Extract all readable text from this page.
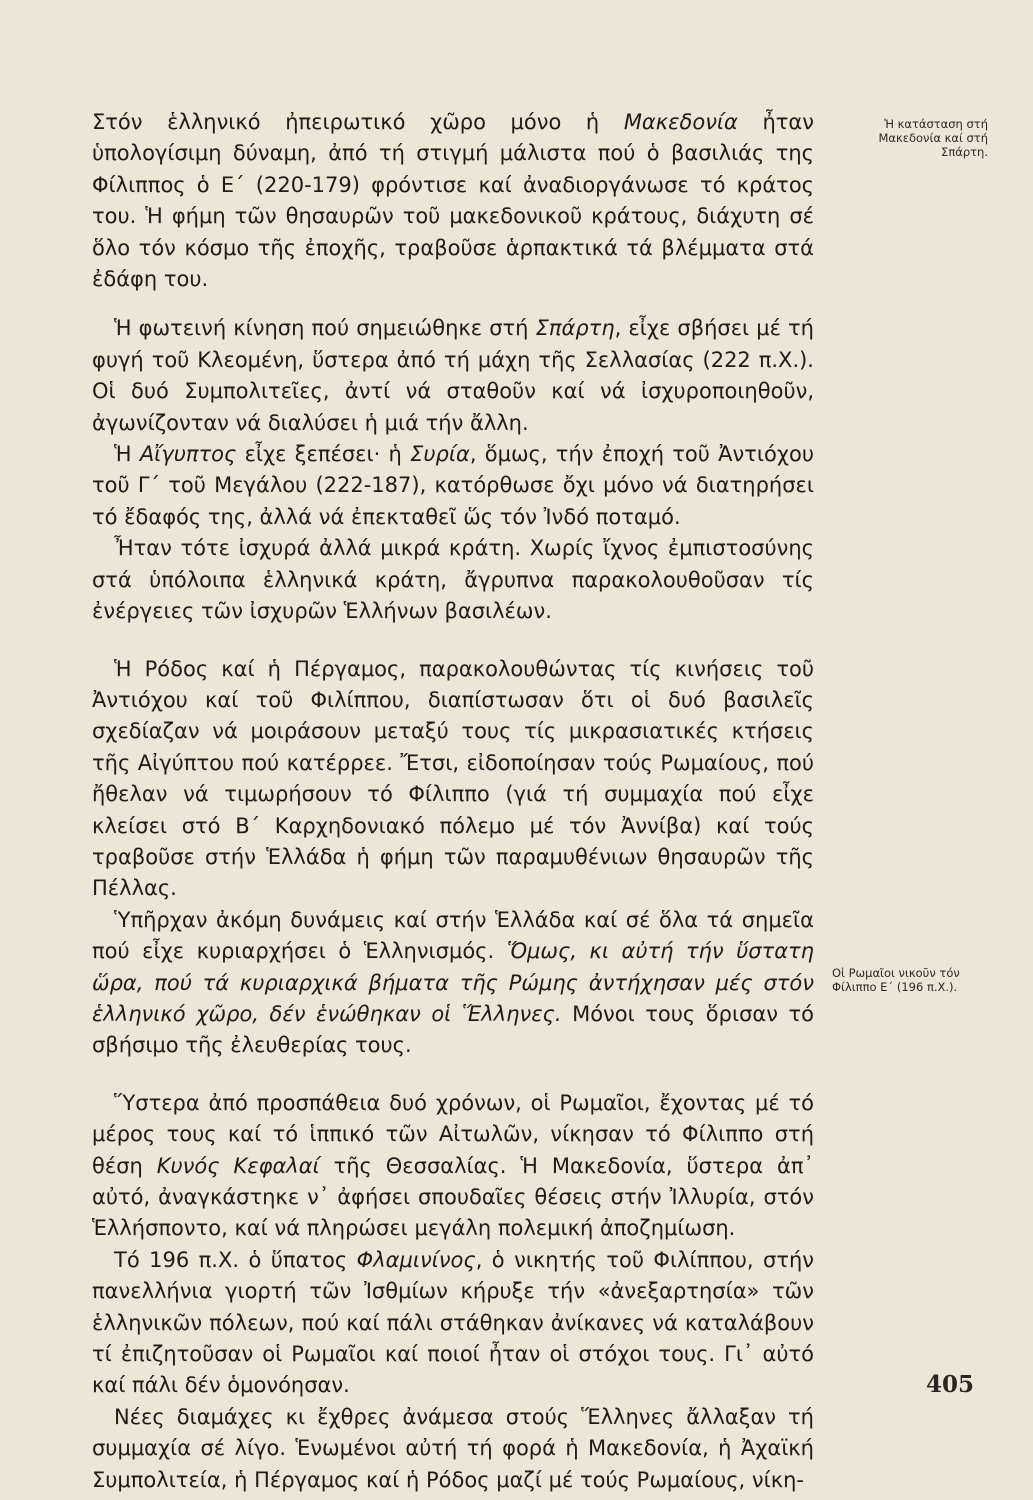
Στόν ἑλληνικό ἠπειρωτικό χῶρο μόνο ἡ Μακεδονία ἦταν ὑπολογίσιμη δύναμη, ἀπό τή στιγμή μάλιστα πού ὁ βασιλιάς της Φίλιππος ὁ Ε΄ (220-179) φρόντισε καί ἀναδιοργάνωσε τό κράτος του. Ἡ φήμη τῶν θησαυρῶν τοῦ μακεδονικοῦ κράτους, διάχυτη σέ ὅλο τόν κόσμο τῆς ἐποχῆς, τραβοῦσε ἁρπακτικά τά βλέμματα στά ἐδάφη του.

Ἡ φωτεινή κίνηση πού σημειώθηκε στή Σπάρτη, εἶχε σβήσει μέ τή φυγή τοῦ Κλεομένη, ὕστερα ἀπό τή μάχη τῆς Σελλασίας (222 π.Χ.). Οἱ δυό Συμπολιτεῖες, ἀντί νά σταθοῦν καί νά ἰσχυροποιηθοῦν, ἀγωνίζονταν νά διαλύσει ἡ μιά τήν ἄλλη.

Ἡ Αἴγυπτος εἶχε ξεπέσει· ἡ Συρία, ὅμως, τήν ἐποχή τοῦ Ἀντιόχου τοῦ Γ΄ τοῦ Μεγάλου (222-187), κατόρθωσε ὄχι μόνο νά διατηρήσει τό ἔδαφός της, ἀλλά νά ἐπεκταθεῖ ὥς τόν Ἰνδό ποταμό.

Ἦταν τότε ἰσχυρά ἀλλά μικρά κράτη. Χωρίς ἴχνος ἐμπιστοσύνης στά ὑπόλοιπα ἑλληνικά κράτη, ἄγρυπνα παρακολουθοῦσαν τίς ἐνέργειες τῶν ἰσχυρῶν Ἑλλήνων βασιλέων.

Ἡ Ρόδος καί ἡ Πέργαμος, παρακολουθώντας τίς κινήσεις τοῦ Ἀντιόχου καί τοῦ Φιλίππου, διαπίστωσαν ὅτι οἱ δυό βασιλεῖς σχεδίαζαν νά μοιράσουν μεταξύ τους τίς μικρασιατικές κτήσεις τῆς Αἰγύπτου πού κατέρρεε. Ἔτσι, εἰδοποίησαν τούς Ρωμαίους, πού ἤθελαν νά τιμωρήσουν τό Φίλιππο (γιά τή συμμαχία πού εἶχε κλείσει στό Β΄ Καρχηδονιακό πόλεμο μέ τόν Ἀννίβα) καί τούς τραβοῦσε στήν Ἑλλάδα ἡ φήμη τῶν παραμυθένιων θησαυρῶν τῆς Πέλλας.

Ὑπῆρχαν ἀκόμη δυνάμεις καί στήν Ἑλλάδα καί σέ ὅλα τά σημεῖα πού εἶχε κυριαρχήσει ὁ Ἑλληνισμός. Ὅμως, κι αὐτή τήν ὕστατη ὥρα, πού τά κυριαρχικά βήματα τῆς Ρώμης ἀντήχησαν μές στόν ἑλληνικό χῶρο, δέν ἑνώθηκαν οἱ Ἕλληνες. Μόνοι τους ὅρισαν τό σβήσιμο τῆς ἐλευθερίας τους.

Ὕστερα ἀπό προσπάθεια δυό χρόνων, οἱ Ρωμαῖοι, ἔχοντας μέ τό μέρος τους καί τό ἱππικό τῶν Αἰτωλῶν, νίκησαν τό Φίλιππο στή θέση Κυνός Κεφαλαί τῆς Θεσσαλίας. Ἡ Μακεδονία, ὕστερα ἀπ᾽ αὐτό, ἀναγκάστηκε ν᾽ ἀφήσει σπουδαῖες θέσεις στήν Ἰλλυρία, στόν Ἑλλήσποντο, καί νά πληρώσει μεγάλη πολεμική ἀποζημίωση.

Τό 196 π.Χ. ὁ ὕπατος Φλαμινίνος, ὁ νικητής τοῦ Φιλίππου, στήν πανελλήνια γιορτή τῶν Ἰσθμίων κήρυξε τήν «ἀνεξαρτησία» τῶν ἑλληνικῶν πόλεων, πού καί πάλι στάθηκαν ἀνίκανες νά καταλάβουν τί ἐπιζητοῦσαν οἱ Ρωμαῖοι καί ποιοί ἦταν οἱ στόχοι τους. Γι᾽ αὐτό καί πάλι δέν ὁμονόησαν.

Νέες διαμάχες κι ἔχθρες ἀνάμεσα στούς Ἕλληνες ἄλλαξαν τή συμμαχία σέ λίγο. Ἑνωμένοι αὐτή τή φορά ἡ Μακεδονία, ἡ Ἀχαϊκή Συμπολιτεία, ἡ Πέργαμος καί ἡ Ρόδος μαζί μέ τούς Ρωμαίους, νίκη-

Ἡ κατάσταση στή Μακεδονία καί στή Σπάρτη.
Οἱ Ρωμαῖοι νικοῦν τόν Φίλιππο Ε΄ (196 π.Χ.).
405
